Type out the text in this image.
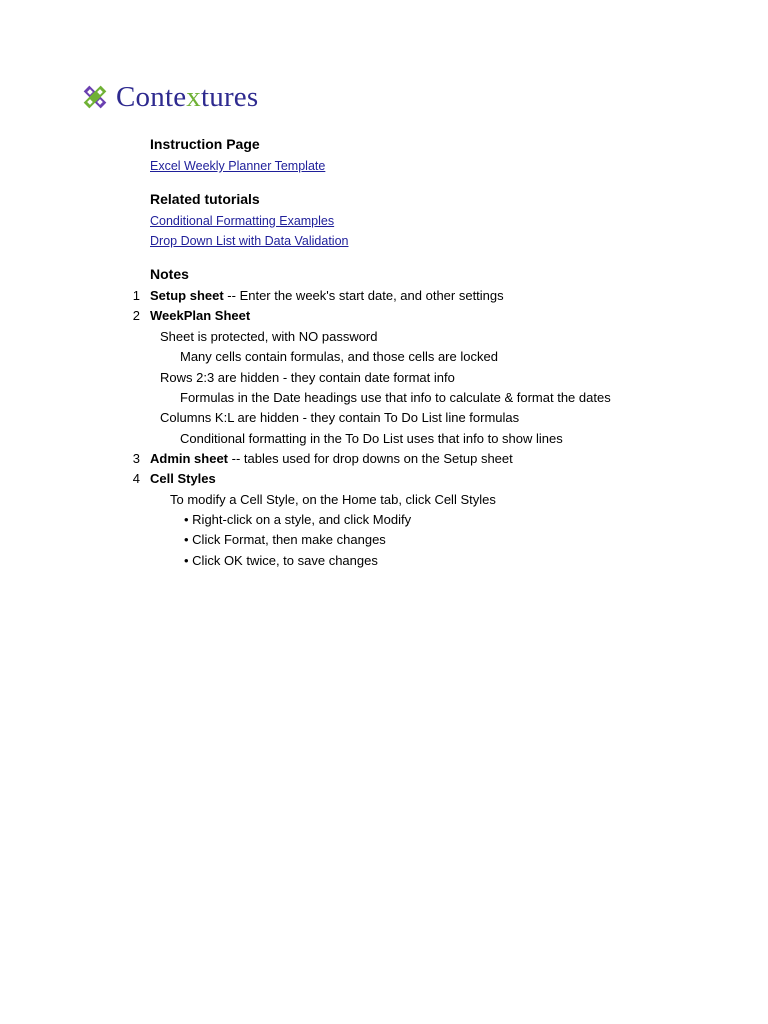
Contextures
Instruction Page
Excel Weekly Planner Template
Related tutorials
Conditional Formatting Examples
Drop Down List with Data Validation
Notes
1 Setup sheet -- Enter the week's start date, and other settings
2 WeekPlan Sheet
Sheet is protected, with NO password
Many cells contain formulas, and those cells are locked
Rows 2:3 are hidden - they contain date format info
Formulas in the Date headings use that info to calculate & format the dates
Columns K:L are hidden - they contain To Do List line formulas
Conditional formatting in the To Do List uses that info to show lines
3 Admin sheet -- tables used for drop downs on the Setup sheet
4 Cell Styles
To modify a Cell Style, on the Home tab, click Cell Styles
• Right-click on a style, and click Modify
• Click Format, then make changes
• Click OK twice, to save changes
